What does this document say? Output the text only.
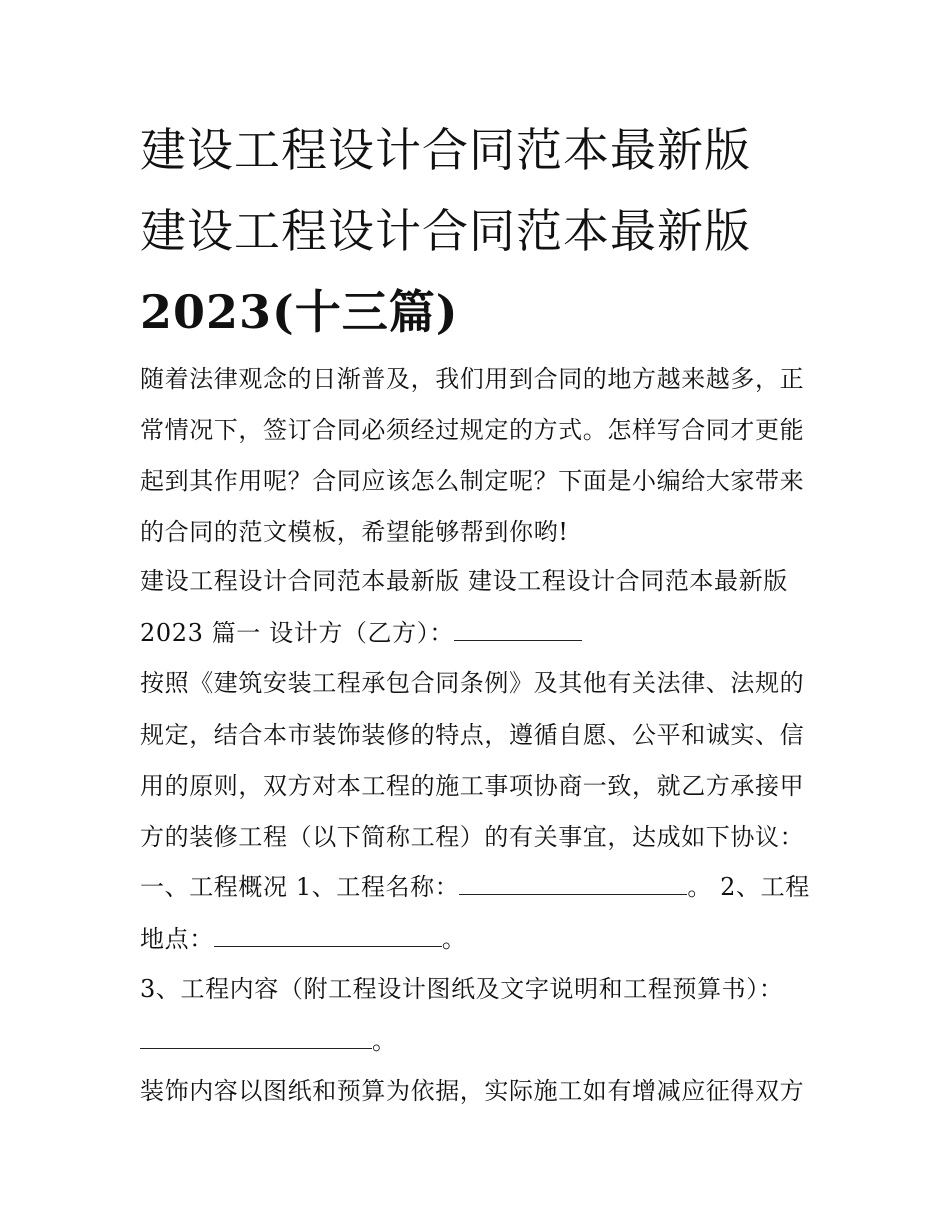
建设工程设计合同范本最新版
建设工程设计合同范本最新版
2023(十三篇)
随着法律观念的日渐普及，我们用到合同的地方越来越多，正
常情况下，签订合同必须经过规定的方式。怎样写合同才更能
起到其作用呢？合同应该怎么制定呢？下面是小编给大家带来
的合同的范文模板，希望能够帮到你哟!
建设工程设计合同范本最新版 建设工程设计合同范本最新版
2023 篇一 设计方（乙方）：
按照《建筑安装工程承包合同条例》及其他有关法律、法规的
规定，结合本市装饰装修的特点，遵循自愿、公平和诚实、信
用的原则，双方对本工程的施工事项协商一致，就乙方承接甲
方的装修工程（以下简称工程）的有关事宜，达成如下协议：
一、工程概况 1、工程名称：	。 2、工程
地点：	。
3、工程内容（附工程设计图纸及文字说明和工程预算书）：
。
装饰内容以图纸和预算为依据，实际施工如有增减应征得双方
